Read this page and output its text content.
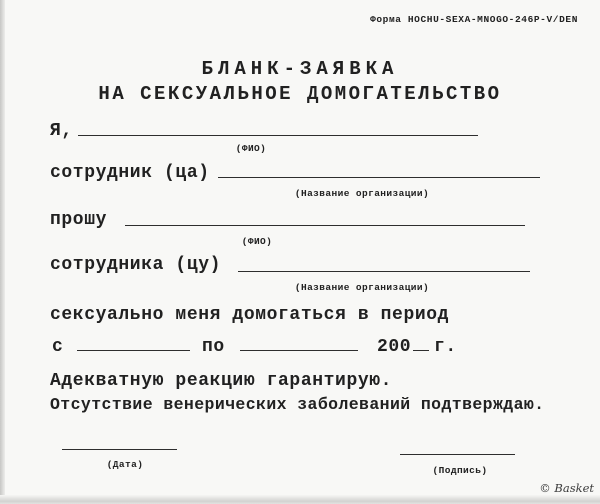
Форма HOCHU-SEXA-MNOGO-246P-V/DEN
БЛАНК-ЗАЯВКА
НА СЕКСУАЛЬНОЕ ДОМОГАТЕЛЬСТВО
Я,
(ФИО)
сотрудник (ца)
(Название организации)
прошу
(ФИО)
сотрудника (цу)
(Название организации)
сексуально меня домогаться в период
с	по	200 г.
Адекватную реакцию гарантирую.
Отсутствие венерических заболеваний подтверждаю.
(Дата)
(Подпись)
© Basket
